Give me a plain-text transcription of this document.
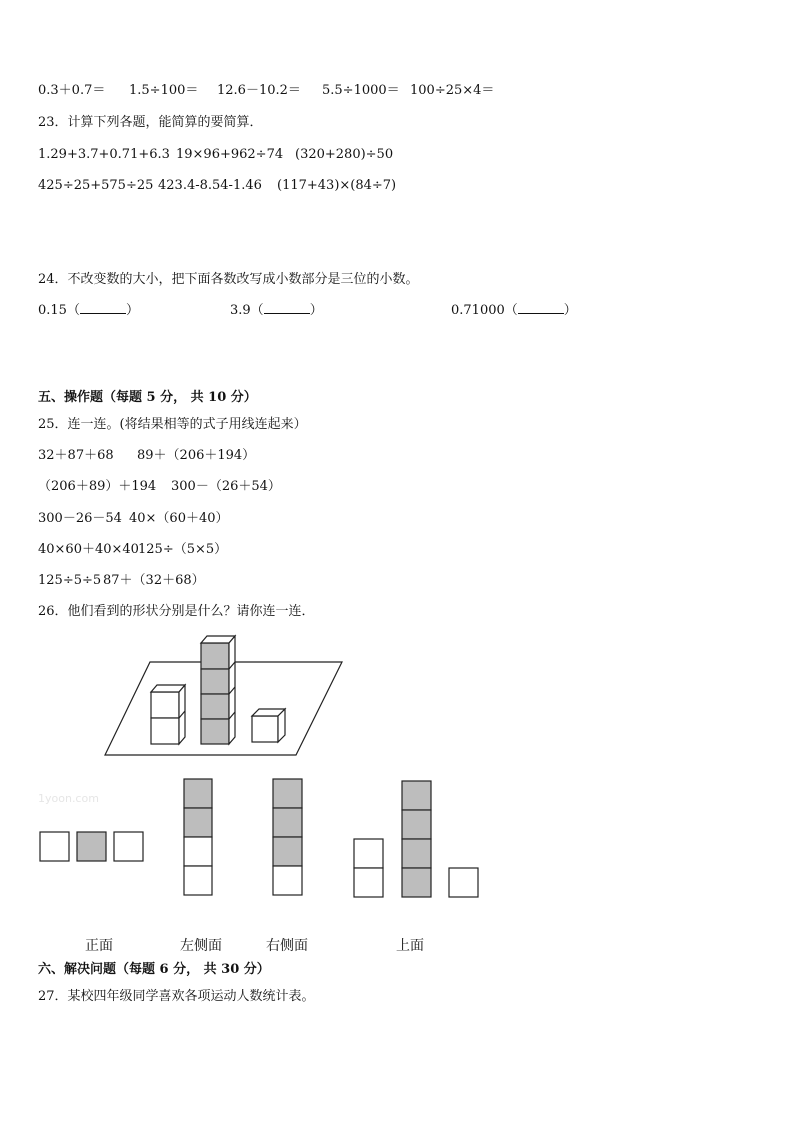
0.3＋0.7＝ 1.5÷100＝ 12.6－10.2＝ 5.5÷1000＝ 100÷25×4＝
23．计算下列各题，能简算的要简算．
1.29+3.7+0.71+6.3 19×96+962÷74 (320+280)÷50
425÷25+575÷25 423.4-8.54-1.46 (117+43)×(84÷7)
24．不改变数的大小，把下面各数改写成小数部分是三位的小数。
0.15（	）	3.9（	）	0.71000（	）
五、操作题（每题 5 分， 共 10 分）
25．连一连。(将结果相等的式子用线连起来）
32＋87＋68 89＋（206＋194）
（206＋89）＋194 300－（26＋54）
300－26－54 40×（60＋40）
40×60＋40×40 125÷（5×5）
125÷5÷5 87＋（32＋68）
26．他们看到的形状分别是什么？请你连一连．
1yoon.com
正面	左侧面	右侧面	上面
六、解决问题（每题 6 分， 共 30 分）
27．某校四年级同学喜欢各项运动人数统计表。
